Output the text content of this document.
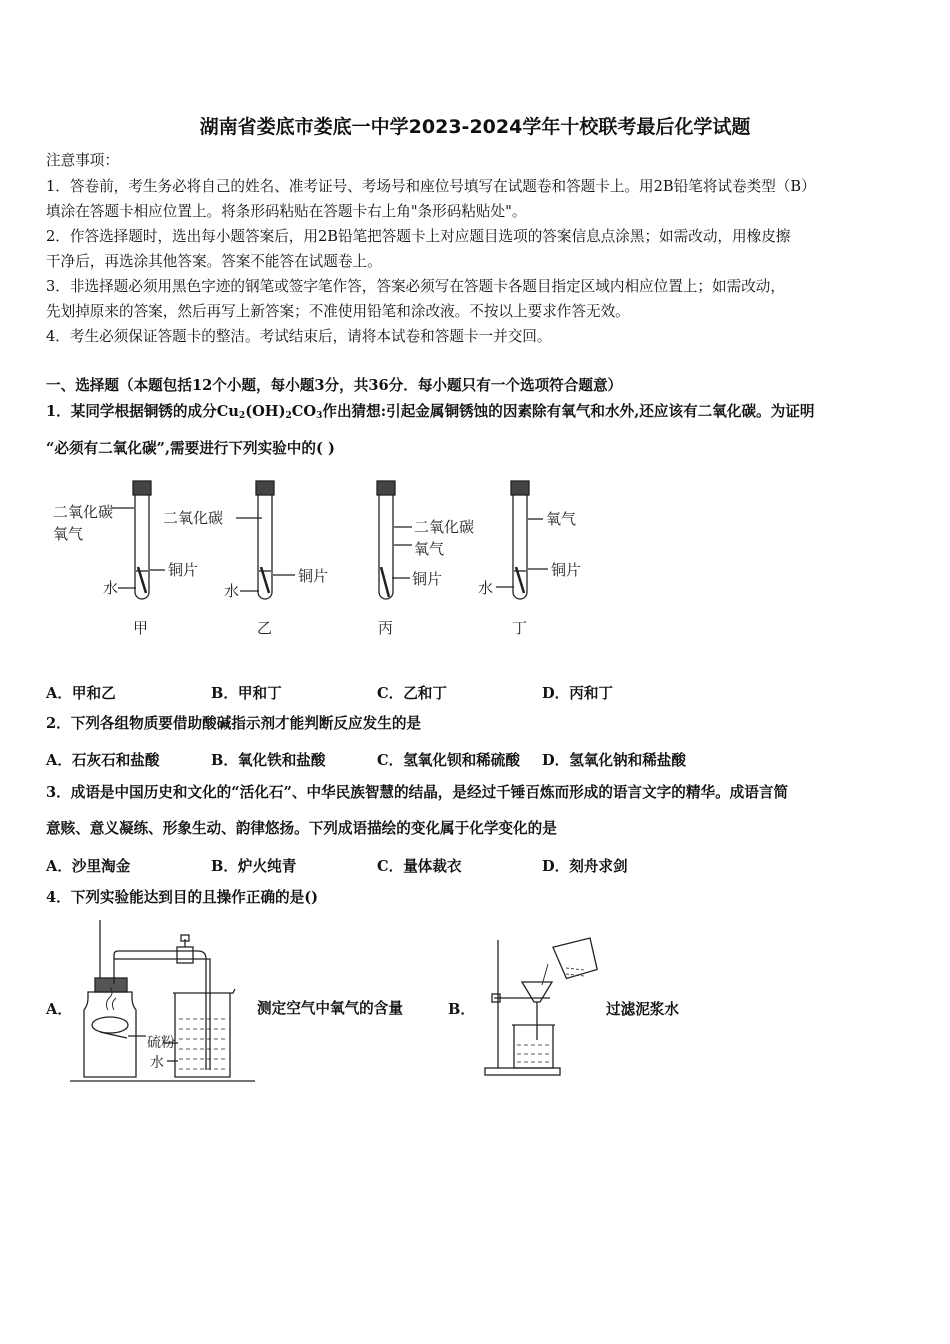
湖南省娄底市娄底一中学2023-2024学年十校联考最后化学试题
注意事项：
1．答卷前，考生务必将自己的姓名、准考证号、考场号和座位号填写在试题卷和答题卡上。用2B铅笔将试卷类型（B）
填涂在答题卡相应位置上。将条形码粘贴在答题卡右上角"条形码粘贴处"。
2．作答选择题时，选出每小题答案后，用2B铅笔把答题卡上对应题目选项的答案信息点涂黑；如需改动，用橡皮擦
干净后，再选涂其他答案。答案不能答在试题卷上。
3．非选择题必须用黑色字迹的钢笔或签字笔作答，答案必须写在答题卡各题目指定区域内相应位置上；如需改动，
先划掉原来的答案，然后再写上新答案；不准使用铅笔和涂改液。不按以上要求作答无效。
4．考生必须保证答题卡的整洁。考试结束后，请将本试卷和答题卡一并交回。
一、选择题（本题包括12个小题，每小题3分，共36分．每小题只有一个选项符合题意）
1．某同学根据铜锈的成分$Cu_2(OH)_2CO_3$作出猜想:引起金属铜锈蚀的因素除有氧气和水外,还应该有二氧化碳。为证明
“必须有二氧化碳”,需要进行下列实验中的( )
二氧化碳
氧气
铜片
水
甲
二氧化碳
铜片
水
乙
二氧化碳
氧气
铜片
丙
氧气
铜片
水
丁
A．甲和乙	B．甲和丁	C．乙和丁	D．丙和丁
2．下列各组物质要借助酸碱指示剂才能判断反应发生的是
A．石灰石和盐酸	B．氧化铁和盐酸	C．氢氧化钡和稀硫酸 D．氢氧化钠和稀盐酸
3．成语是中国历史和文化的“活化石”、中华民族智慧的结晶，是经过千锤百炼而形成的语言文字的精华。成语言简
意赅、意义凝练、形象生动、韵律悠扬。下列成语描绘的变化属于化学变化的是
A．沙里淘金	B．炉火纯青	C．量体裁衣	D．刻舟求剑
4．下列实验能达到目的且操作正确的是()
A．
硫粉
水
测定空气中氧气的含量	B．	过滤泥浆水
